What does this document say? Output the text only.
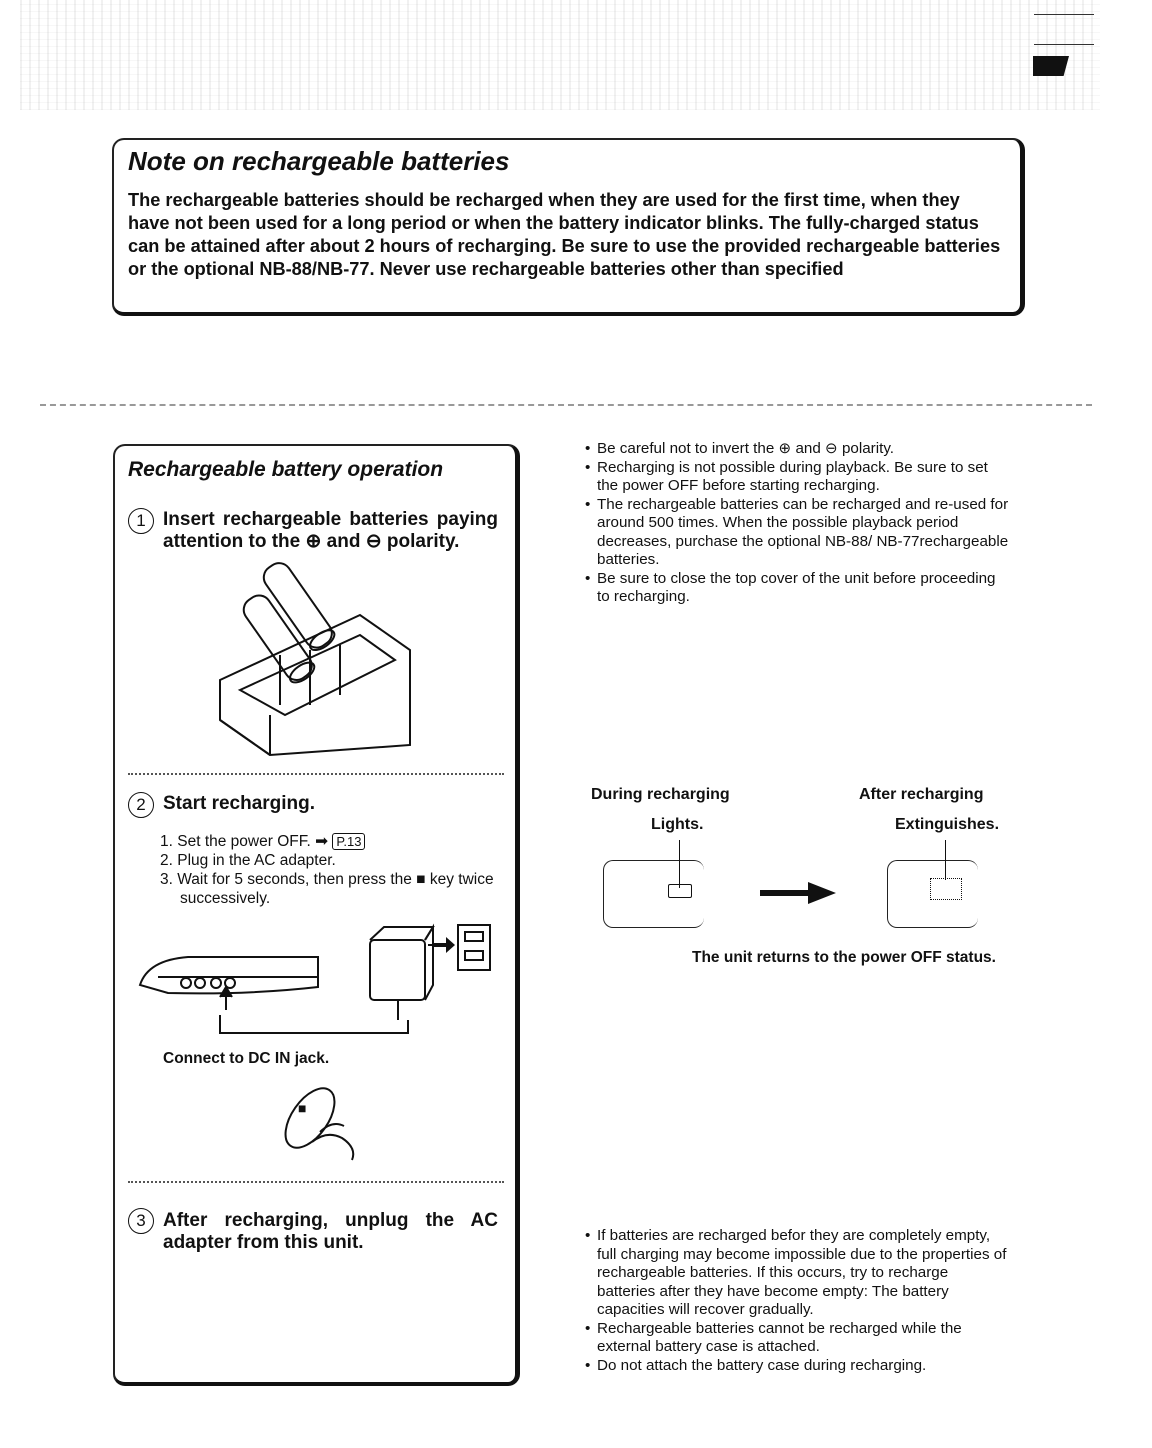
Note on rechargeable batteries
The rechargeable batteries should be recharged when they are used for the first time, when they have not been used for a long period or when the battery indicator blinks. The fully-charged status can be attained after about 2 hours of recharging. Be sure to use the provided rechargeable batteries or the optional NB-88/NB-77. Never use rechargeable batteries other than specified
Rechargeable battery operation
1 Insert rechargeable batteries paying attention to the ⊕ and ⊖ polarity.
2 Start recharging.
1. Set the power OFF. ➡ P.13
2. Plug in the AC adapter.
3. Wait for 5 seconds, then press the ■ key twice successively.
Connect to DC IN jack.
■
3 After recharging, unplug the AC adapter from this unit.
• Be careful not to invert the ⊕ and ⊖ polarity.
• Recharging is not possible during playback. Be sure to set the power OFF before starting recharging.
• The rechargeable batteries can be recharged and re-used for around 500 times. When the possible playback period decreases, purchase the optional NB-88/ NB-77rechargeable batteries.
• Be sure to close the top cover of the unit before proceeding to recharging.
During recharging
Lights.
After recharging
Extinguishes.
The unit returns to the power OFF status.
• If batteries are recharged befor they are completely empty, full charging may become impossible due to the properties of rechargeable batteries. If this occurs, try to recharge batteries after they have become empty: The battery capacities will recover gradually.
• Rechargeable batteries cannot be recharged while the external battery case is attached.
• Do not attach the battery case during recharging.
